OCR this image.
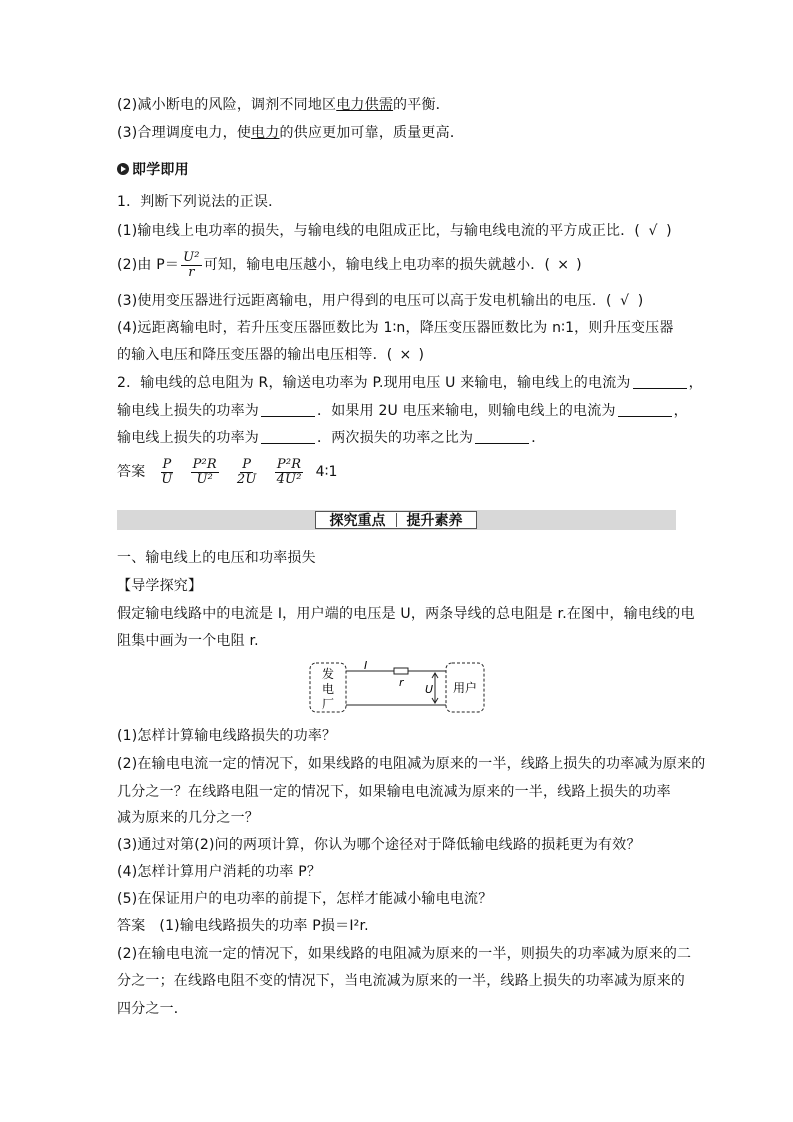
(2)减小断电的风险，调剂不同地区电力供需的平衡．
(3)合理调度电力，使电力的供应更加可靠，质量更高．
即学即用
1．判断下列说法的正误．
(1)输电线上电功率的损失，与输电线的电阻成正比，与输电线电流的平方成正比．( √ )
(2)由 $P= \frac{\text{U²}}{r}$ 可知，输电电压越小，输电线上电功率的损失就越小．( × )
(3)使用变压器进行远距离输电，用户得到的电压可以高于发电机输出的电压．( √ )
(4)远距离输电时，若升压变压器匝数比为 1∶n，降压变压器匝数比为 n∶1，则升压变压器
的输入电压和降压变压器的输出电压相等．( × )
2．输电线的总电阻为 R，输送电功率为 P.现用电压 U 来输电，输电线上的电流为	，
输电线上损失的功率为	．如果用 2U 电压来输电，则输电线上的电流为	，
输电线上损失的功率为	．两次损失的功率之比为	．
答案 $\frac{P}{U} \frac{\text{P²R}}{\text{U²}} \frac{P}{2U} \frac{\text{P²R}}{\text{4U²}}$ 4∶1
探究重点 提升素养
一、输电线上的电压和功率损失
【导学探究】
假定输电线路中的电流是 I，用户端的电压是 U，两条导线的总电阻是 r.在图中，输电线的电
阻集中画为一个电阻 r.
发
电
厂
用户
I
r
U
(1)怎样计算输电线路损失的功率？
(2)在输电电流一定的情况下，如果线路的电阻减为原来的一半，线路上损失的功率减为原来的
几分之一？在线路电阻一定的情况下，如果输电电流减为原来的一半，线路上损失的功率
减为原来的几分之一？
(3)通过对第(2)问的两项计算，你认为哪个途径对于降低输电线路的损耗更为有效？
(4)怎样计算用户消耗的功率 P？
(5)在保证用户的电功率的前提下，怎样才能减小输电电流？
答案 (1)输电线路损失的功率 P损＝I²r.
(2)在输电电流一定的情况下，如果线路的电阻减为原来的一半，则损失的功率减为原来的二
分之一；在线路电阻不变的情况下，当电流减为原来的一半，线路上损失的功率减为原来的
四分之一．
